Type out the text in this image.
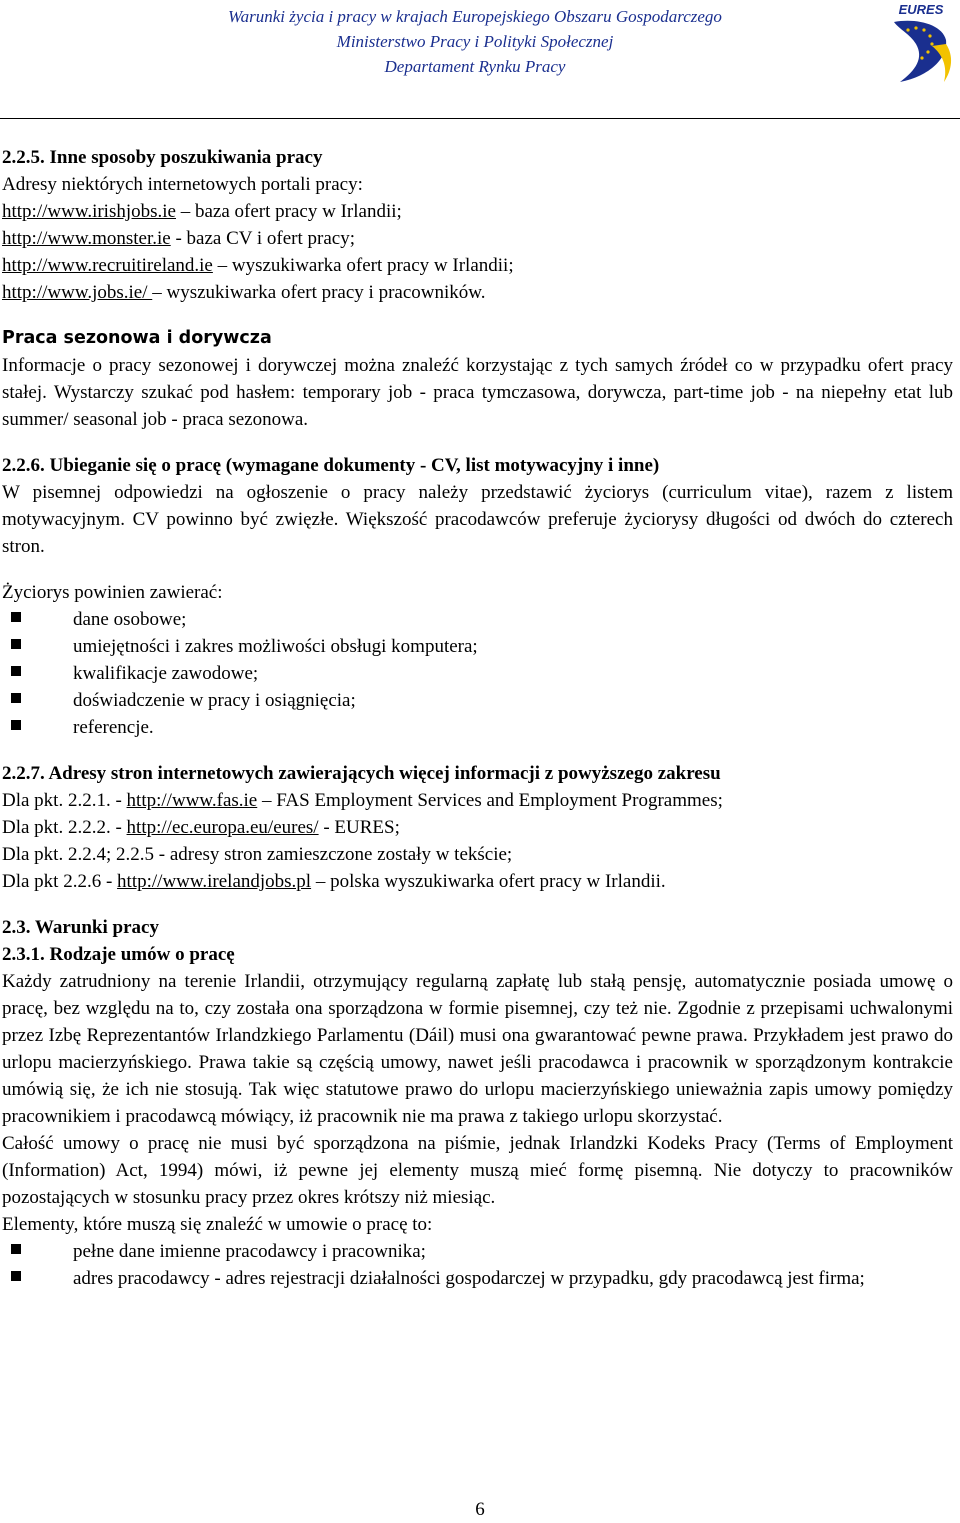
Warunki życia i pracy w krajach Europejskiego Obszaru Gospodarczego
Ministerstwo Pracy i Polityki Społecznej
Departament Rynku Pracy
EURES

2.2.5. Inne sposoby poszukiwania pracy

Adresy niektórych internetowych portali pracy:

http://www.irishjobs.ie – baza ofert pracy w Irlandii;

http://www.monster.ie - baza CV i ofert pracy;

http://www.recruitireland.ie – wyszukiwarka ofert pracy w Irlandii;

http://www.jobs.ie/ – wyszukiwarka ofert pracy i pracowników.

Praca sezonowa i dorywcza

Informacje o pracy sezonowej i dorywczej można znaleźć korzystając z tych samych źródeł co w przypadku ofert pracy stałej. Wystarczy szukać pod hasłem: temporary job - praca tymczasowa, dorywcza, part-time job - na niepełny etat lub summer/ seasonal job - praca sezonowa.

2.2.6. Ubieganie się o pracę (wymagane dokumenty - CV, list motywacyjny i inne)

W pisemnej odpowiedzi na ogłoszenie o pracy należy przedstawić życiorys (curriculum vitae), razem z listem motywacyjnym. CV powinno być zwięzłe. Większość pracodawców preferuje życiorysy długości od dwóch do czterech stron.

Życiorys powinien zawierać:

dane osobowe;
umiejętności i zakres możliwości obsługi komputera;
kwalifikacje zawodowe;
doświadczenie w pracy i osiągnięcia;
referencje.

2.2.7. Adresy stron internetowych zawierających więcej informacji z powyższego zakresu

Dla pkt. 2.2.1. - http://www.fas.ie – FAS Employment Services and Employment Programmes;

Dla pkt. 2.2.2. - http://ec.europa.eu/eures/ - EURES;

Dla pkt. 2.2.4; 2.2.5 - adresy stron zamieszczone zostały w tekście;

Dla pkt 2.2.6 - http://www.irelandjobs.pl – polska wyszukiwarka ofert pracy w Irlandii.

2.3. Warunki pracy

2.3.1. Rodzaje umów o pracę

Każdy zatrudniony na terenie Irlandii, otrzymujący regularną zapłatę lub stałą pensję, automatycznie posiada umowę o pracę, bez względu na to, czy została ona sporządzona w formie pisemnej, czy też nie. Zgodnie z przepisami uchwalonymi przez Izbę Reprezentantów Irlandzkiego Parlamentu (Dáil) musi ona gwarantować pewne prawa. Przykładem jest prawo do urlopu macierzyńskiego. Prawa takie są częścią umowy, nawet jeśli pracodawca i pracownik w sporządzonym kontrakcie umówią się, że ich nie stosują. Tak więc statutowe prawo do urlopu macierzyńskiego unieważnia zapis umowy pomiędzy pracownikiem i pracodawcą mówiący, iż pracownik nie ma prawa z takiego urlopu skorzystać.

Całość umowy o pracę nie musi być sporządzona na piśmie, jednak Irlandzki Kodeks Pracy (Terms of Employment (Information) Act, 1994) mówi, iż pewne jej elementy muszą mieć formę pisemną. Nie dotyczy to pracowników pozostających w stosunku pracy przez okres krótszy niż miesiąc.

Elementy, które muszą się znaleźć w umowie o pracę to:

pełne dane imienne pracodawcy i pracownika;
adres pracodawcy - adres rejestracji działalności gospodarczej w przypadku, gdy pracodawcą jest firma;
6
